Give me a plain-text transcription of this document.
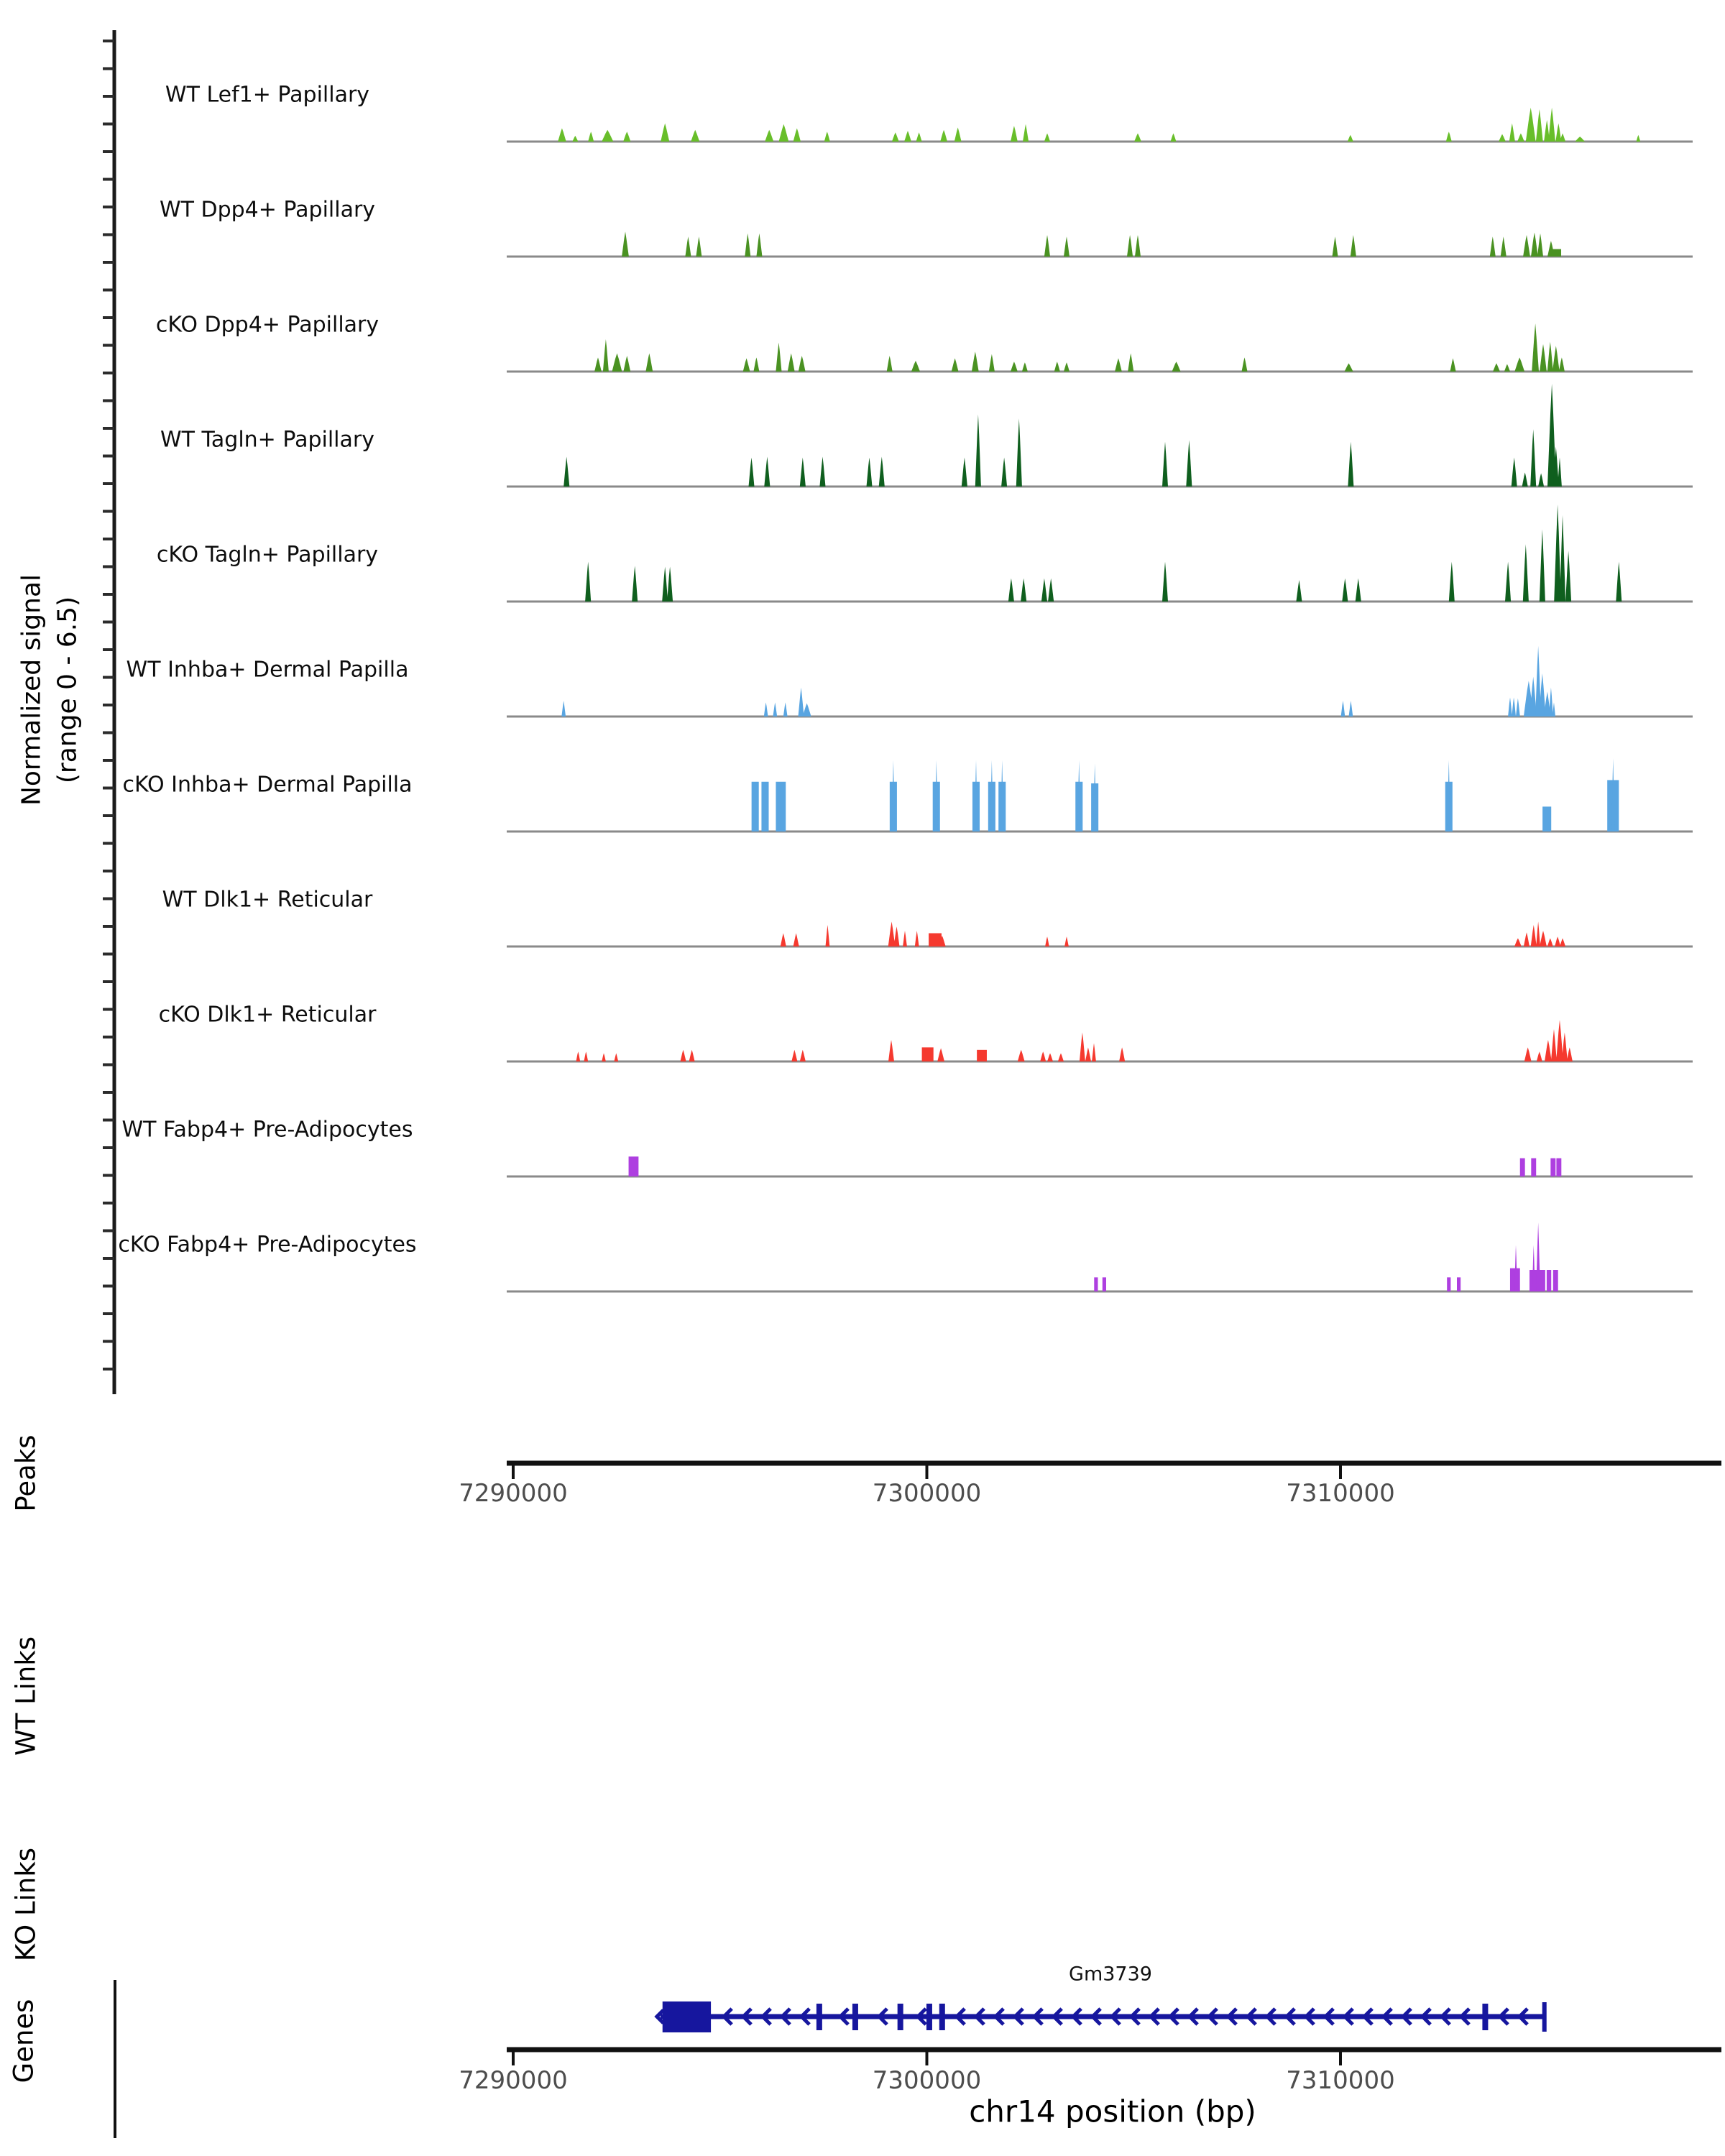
Normalized signal (range 0 - 6.5)
Peaks
WT Links
KO Links
Genes
Gm3739
chr14 position (bp)
WT Lef1+ Papillary
WT Dpp4+ Papillary
cKO Dpp4+ Papillary
WT Tagln+ Papillary
cKO Tagln+ Papillary
WT Inhba+ Dermal Papilla
cKO Inhba+ Dermal Papilla
WT Dlk1+ Reticular
cKO Dlk1+ Reticular
WT Fabp4+ Pre-Adipocytes
cKO Fabp4+ Pre-Adipocytes
7290000	7300000	7310000
7290000	7300000	7310000
